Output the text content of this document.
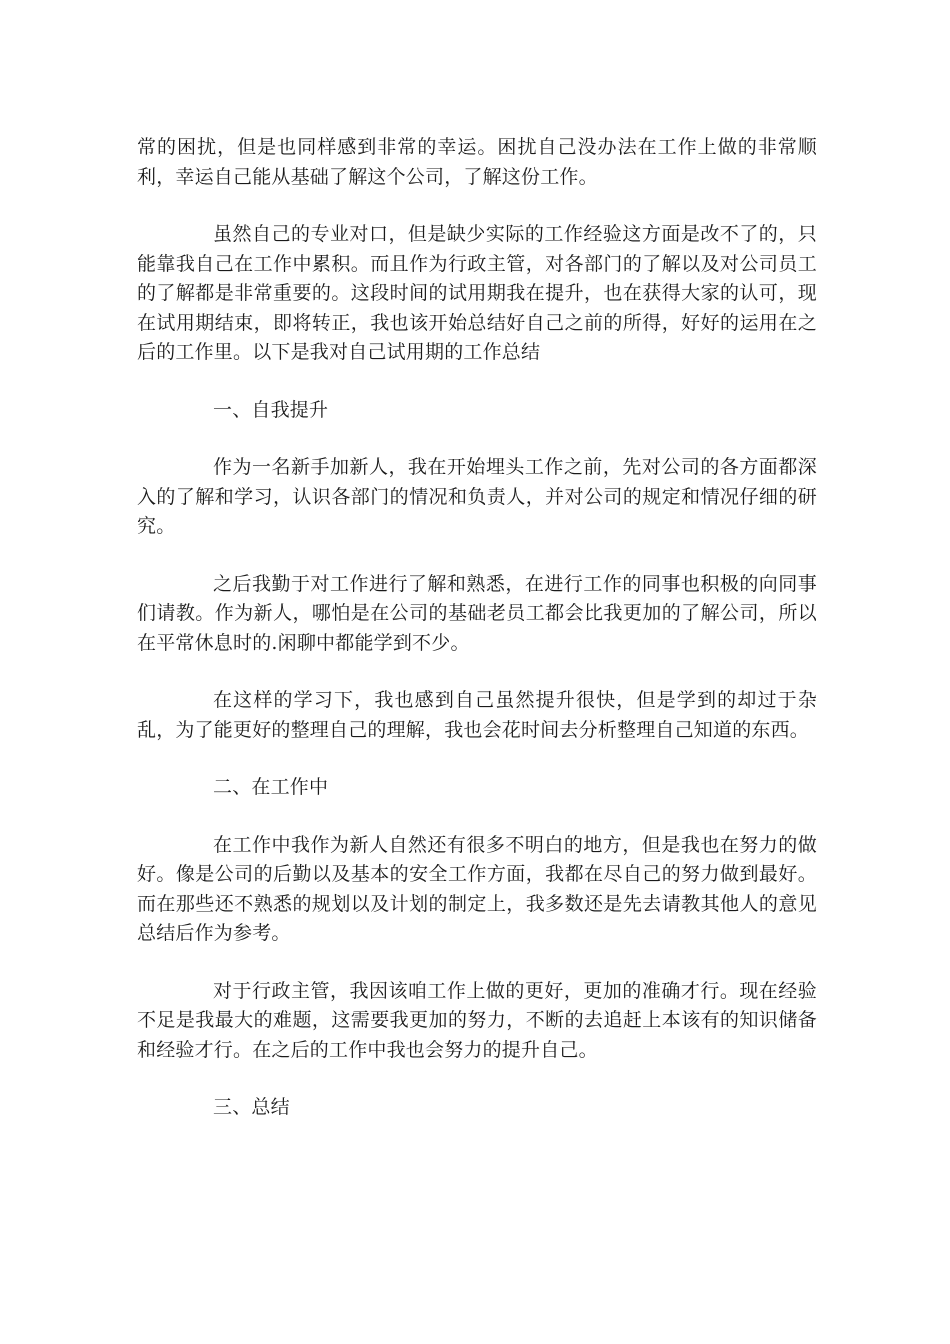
常的困扰，但是也同样感到非常的幸运。困扰自己没办法在工作上做的非常顺利，幸运自己能从基础了解这个公司，了解这份工作。

虽然自己的专业对口，但是缺少实际的工作经验这方面是改不了的，只能靠我自己在工作中累积。而且作为行政主管，对各部门的了解以及对公司员工的了解都是非常重要的。这段时间的试用期我在提升，也在获得大家的认可，现在试用期结束，即将转正，我也该开始总结好自己之前的所得，好好的运用在之后的工作里。以下是我对自己试用期的工作总结

一、自我提升

作为一名新手加新人，我在开始埋头工作之前，先对公司的各方面都深入的了解和学习，认识各部门的情况和负责人，并对公司的规定和情况仔细的研究。

之后我勤于对工作进行了解和熟悉，在进行工作的同事也积极的向同事们请教。作为新人，哪怕是在公司的基础老员工都会比我更加的了解公司，所以在平常休息时的.闲聊中都能学到不少。

在这样的学习下，我也感到自己虽然提升很快，但是学到的却过于杂乱，为了能更好的整理自己的理解，我也会花时间去分析整理自己知道的东西。

二、在工作中

在工作中我作为新人自然还有很多不明白的地方，但是我也在努力的做好。像是公司的后勤以及基本的安全工作方面，我都在尽自己的努力做到最好。而在那些还不熟悉的规划以及计划的制定上，我多数还是先去请教其他人的意见总结后作为参考。

对于行政主管，我因该咱工作上做的更好，更加的准确才行。现在经验不足是我最大的难题，这需要我更加的努力，不断的去追赶上本该有的知识储备和经验才行。在之后的工作中我也会努力的提升自己。

三、总结
